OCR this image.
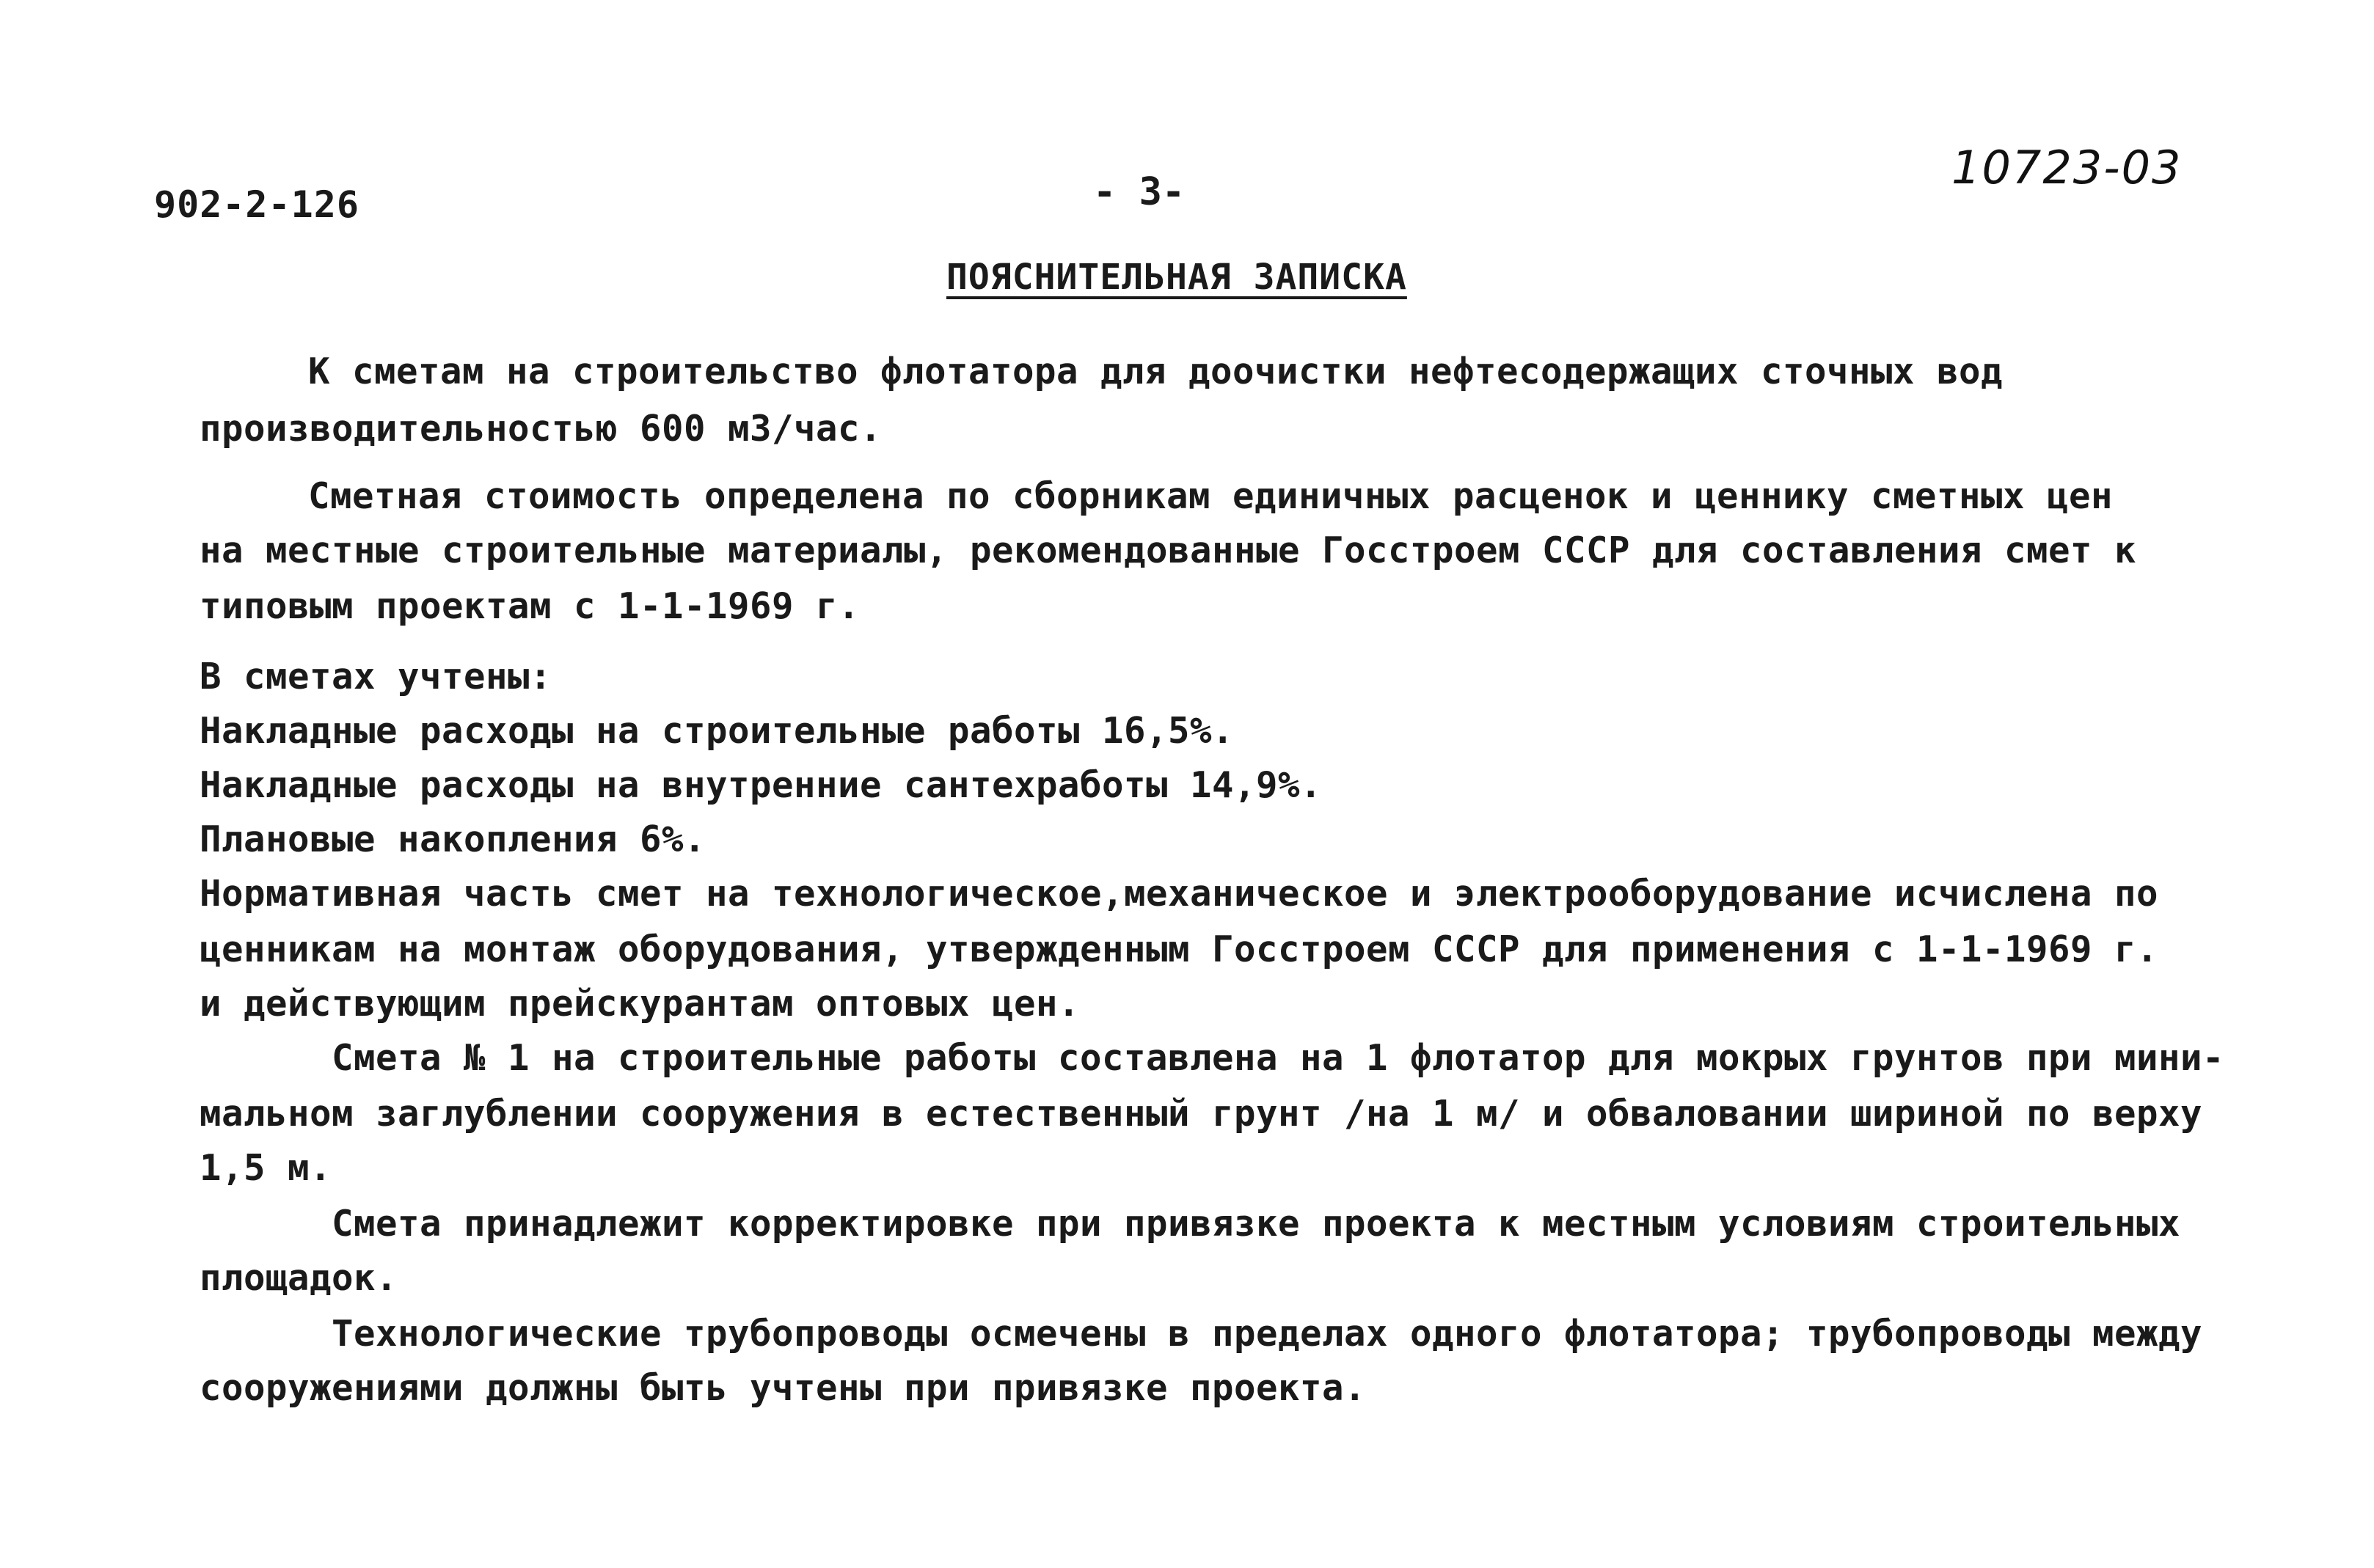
902-2-126	- 3-	10723-03
ПОЯСНИТЕЛЬНАЯ ЗАПИСКА
К сметам на строительство флотатора для доочистки нефтесодержащих сточных вод
производительностью 600 м3/час.
Сметная стоимость определена по сборникам единичных расценок и ценнику сметных цен
на местные строительные материалы, рекомендованные Госстроем СССР для составления смет к
типовым проектам с 1-1-1969 г.
В сметах учтены:
Накладные расходы на строительные работы 16,5%.
Накладные расходы на внутренние сантехработы 14,9%.
Плановые накопления 6%.
Нормативная часть смет на технологическое,механическое и электрооборудование исчислена по
ценникам на монтаж оборудования, утвержденным Госстроем СССР для применения с 1-1-1969 г.
и действующим прейскурантам оптовых цен.
Смета № 1 на строительные работы составлена на 1 флотатор для мокрых грунтов при мини-
мальном заглублении сооружения в естественный грунт /на 1 м/ и обваловании шириной по верху
1,5 м.
Смета принадлежит корректировке при привязке проекта к местным условиям строительных
площадок.
Технологические трубопроводы осмечены в пределах одного флотатора; трубопроводы между
сооружениями должны быть учтены при привязке проекта.
